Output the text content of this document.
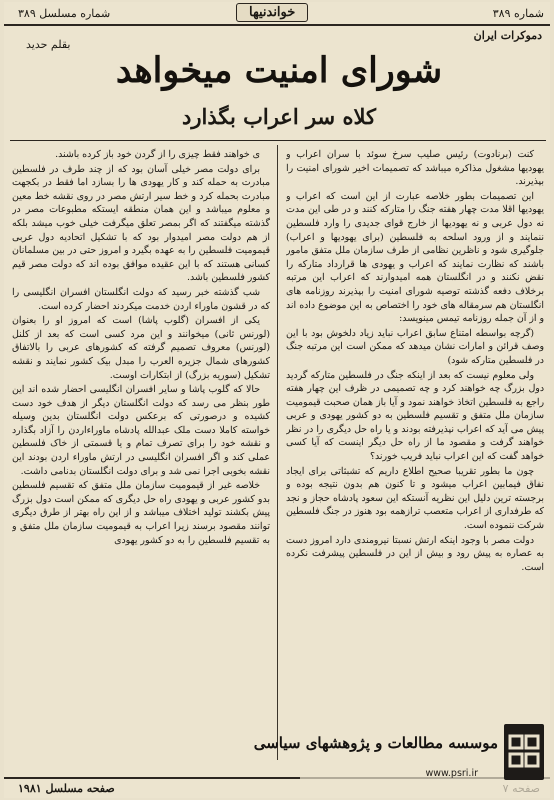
شماره مسلسل ۳۸۹	خواندنیها	شماره ۳۸۹
دموکرات ایران
بقلم حدید
شورای امنیت میخواهد
کلاه سر اعراب بگذارد

کنت (برنادوت) رئیس صلیب سرخ سوئد با سران اعراب و یهودیها مشغول مذاکره میباشد که تصمیمات اخیر شورای امنیت را بپذیرند.

این تصمیمات بطور خلاصه عبارت از این است که اعراب و یهودیها اقلا مدت چهار هفته جنگ را متارکه کنند و در طی این مدت نه دول عربی و نه یهودیها از خارج قوای جدیدی را وارد فلسطین ننمایند و از ورود اسلحه به فلسطین (برای یهودیها و اعراب) جلوگیری شود و ناظرین نظامی از طرف سازمان ملل متفق مامور باشند که نظارت نمایند که اعراب و یهودی ها قرارداد متارکه را نقض نکنند و در انگلستان همه امیدوارند که اعراب این مرتبه برخلاف دفعه گذشته توصیه شورای امنیت را بپذیرند روزنامه های انگلستان هم سرمقاله های خود را اختصاص به این موضوع داده اند و از آن جمله روزنامه تیمس مینویسد:

(گرچه بواسطه امتناع سابق اعراب نباید زیاد دلخوش بود با این وصف قرائن و امارات نشان میدهد که ممکن است این مرتبه جنگ در فلسطین متارکه شود)

ولی معلوم نیست که بعد از اینکه جنگ در فلسطین متارکه گردید دول بزرگ چه خواهند کرد و چه تصمیمی در ظرف این چهار هفته راجع به فلسطین اتخاذ خواهند نمود و آیا باز همان صحبت قیمومیت سازمان ملل متفق و تقسیم فلسطین به دو کشور یهودی و عربی پیش می آید که اعراب نپذیرفته بودند و یا راه حل دیگری را در نظر خواهند گرفت و مقصود ما از راه حل دیگر اینست که آیا کسی خواهد گفت که این اعراب نباید فریب خورند؟

چون ما بطور تقریبا صحیح اطلاع داریم که تشبثاتی برای ایجاد نفاق فیمابین اعراب میشود و تا کنون هم بدون نتیجه بوده و برجسته ترین دلیل این نظریه آنستکه این سعود پادشاه حجاز و نجد که طرفداری از اعراب متعصب ترازهمه بود هنوز در جنگ فلسطین شرکت ننموده است.

دولت مصر با وجود اینکه ارتش نسبتا نیرومندی دارد امروز دست به عصاره به پیش رود و بیش از این در فلسطین پیشرفت نکرده است.

ی خواهند فقط چیزی را از گردن خود باز کرده باشند.

برای دولت مصر خیلی آسان بود که از چند طرف در فلسطین مبادرت به حمله کند و کار یهودی ها را بسازد اما فقط در بکجهت مبادرت بحمله کرد و خط سیر ارتش مصر در روی نقشه خط معین و معلوم میباشد و این همان منطقه ایستکه مطبوعات مصر در گذشته میگفتند که اگر بمصر تعلق میگرفت خیلی خوب میشد بلکه از هم دولت مصر امیدوار بود که با تشکیل اتحادیه دول عربی قیمومیت فلسطین را به عهده بگیرد و امروز حتی در بین مسلمانان کسانی هستند که با این عقیده موافق بوده اند که دولت مصر قیم کشور فلسطین باشد.

شب گذشته خبر رسید که دولت انگلستان افسران انگلیسی را که در قشون ماوراء اردن خدمت میکردند احضار کرده است.

یکی از افسران (گلوب پاشا) است که امروز او را بعنوان (لورنس ثانی) میخوانند و این مرد کسی است که بعد از کلنل (لورنس) معروف تصمیم گرفته که کشورهای عربی را بالاتفاق کشورهای شمال جزیره العرب را مبدل بیک کشور نمایند و نقشه تشکیل (سوریه بزرگ) از ابتکارات اوست.

حالا که گلوب پاشا و سایر افسران انگلیسی احضار شده اند این طور بنظر می رسد که دولت انگلستان دیگر از هدف خود دست کشیده و درصورتی که برعکس دولت انگلستان بدین وسیله خواسته کاملا دست ملک عبدالله پادشاه ماوراءاردن را آزاد بگذارد و نقشه خود را برای تصرف تمام و یا قسمتی از خاک فلسطین عملی کند و اگر افسران انگلیسی در ارتش ماوراء اردن بودند این نقشه بخوبی اجرا نمی شد و برای دولت انگلستان بدنامی داشت.

خلاصه غیر از قیمومیت سازمان ملل متفق که تقسیم فلسطین بدو کشور عربی و یهودی راه حل دیگری که ممکن است دول بزرگ پیش بکشند تولید اختلاف میباشد و از این راه بهتر از طرق دیگری توانند مقصود برسند زیرا اعراب به قیمومیت سازمان ملل متفق و به تقسیم فلسطین را به دو کشور یهودی

صفحه مسلسل ۱۹۸۱
موسسه مطالعات و پژوهشهای سیاسی
www.psri.ir
